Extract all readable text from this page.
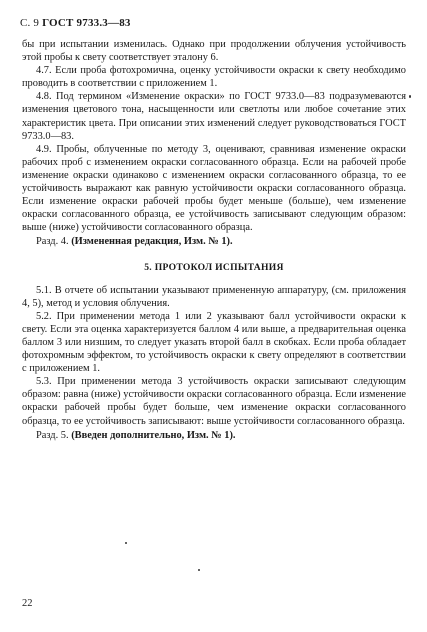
С. 9 ГОСТ 9733.3—83

бы при испытании изменилась. Однако при продолжении облучения устойчивость этой пробы к свету соответствует эталону 6.

4.7. Если проба фотохромична, оценку устойчивости окраски к свету необходимо проводить в соответствии с приложением 1.

4.8. Под термином «Изменение окраски» по ГОСТ 9733.0—83 подразумеваются изменения цветового тона, насыщенности или светлоты или любое сочетание этих характеристик цвета. При описании этих изменений следует руководствоваться ГОСТ 9733.0—83.

4.9. Пробы, облученные по методу 3, оценивают, сравнивая изменение окраски рабочих проб с изменением окраски согласованного образца. Если на рабочей пробе изменение окраски одинаково с изменением окраски согласованного образца, то ее устойчивость выражают как равную устойчивости окраски согласованного образца. Если изменение окраски рабочей пробы будет меньше (больше), чем изменение окраски согласованного образца, ее устойчивость записывают следующим образом: выше (ниже) устойчивости согласованного образца.

Разд. 4. (Измененная редакция, Изм. № 1).

5. ПРОТОКОЛ ИСПЫТАНИЯ

5.1. В отчете об испытании указывают примененную аппаратуру, (см. приложения 4, 5), метод и условия облучения.

5.2. При применении метода 1 или 2 указывают балл устойчивости окраски к свету. Если эта оценка характеризуется баллом 4 или выше, а предварительная оценка баллом 3 или низшим, то следует указать второй балл в скобках. Если проба обладает фотохромным эффектом, то устойчивость окраски к свету определяют в соответствии с приложением 1.

5.3. При применении метода 3 устойчивость окраски записывают следующим образом: равна (ниже) устойчивости окраски согласованного образца. Если изменение окраски рабочей пробы будет больше, чем изменение окраски согласованного образца, то ее устойчивость записывают: выше устойчивости согласованного образца.

Разд. 5. (Введен дополнительно, Изм. № 1).

22
